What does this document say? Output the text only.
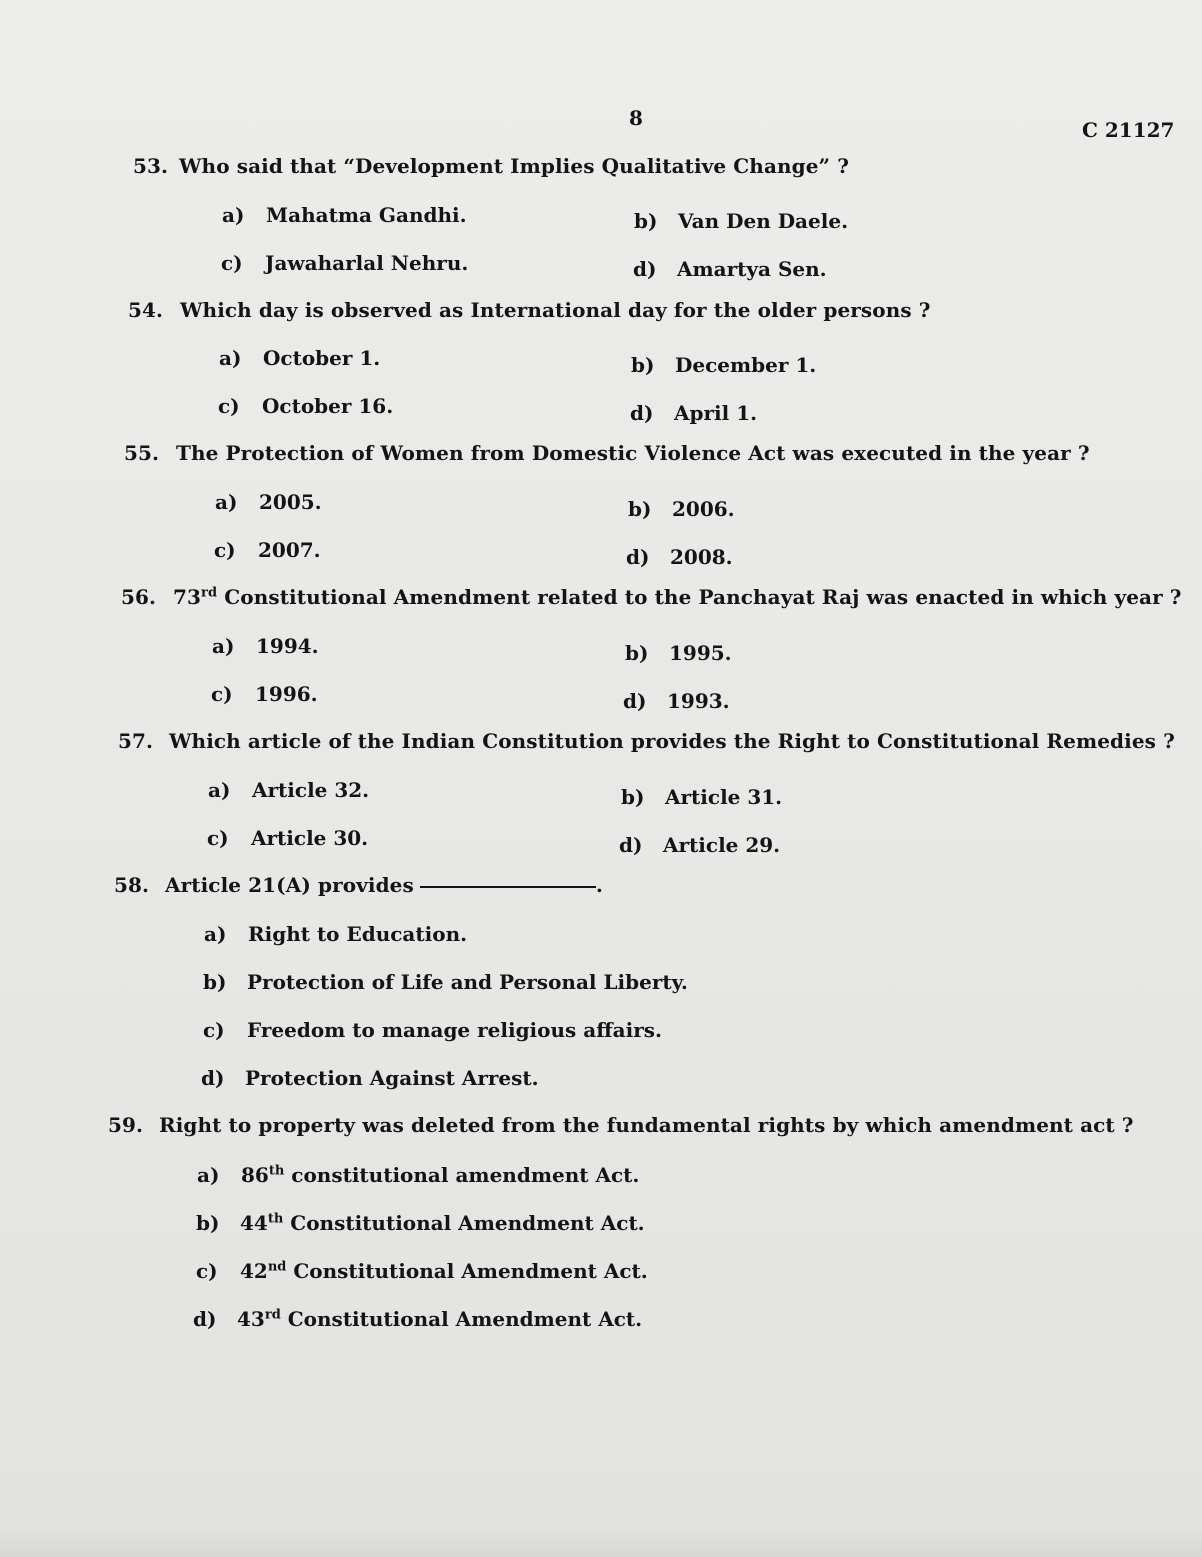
8	C 21127
53. Who said that “Development Implies Qualitative Change” ?
a) Mahatma Gandhi.	b) Van Den Daele.
c) Jawaharlal Nehru.	d) Amartya Sen.
54. Which day is observed as International day for the older persons ?
a) October 1.	b) December 1.
c) October 16.	d) April 1.
55. The Protection of Women from Domestic Violence Act was executed in the year ?
a) 2005.	b) 2006.
c) 2007.	d) 2008.
56. 73rd Constitutional Amendment related to the Panchayat Raj was enacted in which year ?
a) 1994.	b) 1995.
c) 1996.	d) 1993.
57. Which article of the Indian Constitution provides the Right to Constitutional Remedies ?
a) Article 32.	b) Article 31.
c) Article 30.	d) Article 29.
58. Article 21(A) provides	.
a) Right to Education.
b) Protection of Life and Personal Liberty.
c) Freedom to manage religious affairs.
d) Protection Against Arrest.
59. Right to property was deleted from the fundamental rights by which amendment act ?
a) 86th constitutional amendment Act.
b) 44th Constitutional Amendment Act.
c) 42nd Constitutional Amendment Act.
d) 43rd Constitutional Amendment Act.
